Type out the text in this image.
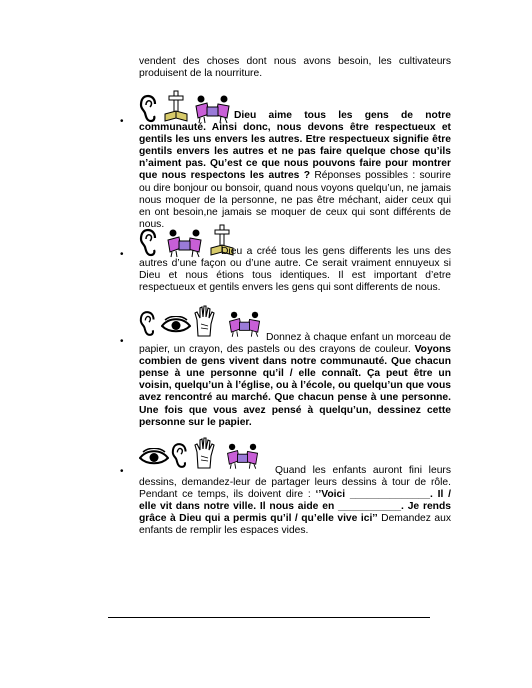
vendent des choses dont nous avons besoin, les cultivateurs produisent de la nourriture.
•
Dieu aime tous les gens de notre communauté. Ainsi donc, nous devons être respectueux et gentils les uns envers les autres. Etre respectueux signifie être gentils envers les autres et ne pas faire quelque chose qu’ils n’aiment pas. Qu’est ce que nous pouvons faire pour montrer que nous respectons les autres ? Réponses possibles : sourire ou dire bonjour ou bonsoir, quand nous voyons quelqu’un, ne jamais nous moquer de la personne, ne pas être méchant, aider ceux qui en ont besoin,ne jamais se moquer de ceux qui sont différents de nous.
•	Dieu a créé tous les gens differents les uns des autres d’une façon ou d’une autre. Ce serait vraiment ennuyeux si Dieu et nous étions tous identiques. Il est important d’etre respectueux et gentils envers les gens qui sont differents de nous.
•	Donnez à chaque enfant un morceau de papier, un crayon, des pastels ou des crayons de couleur. Voyons combien de gens vivent dans notre communauté. Que chacun pense à une personne qu’il / elle connaît. Ça peut être un voisin, quelqu’un à l’église, ou à l’école, ou quelqu’un que vous avez rencontré au marché. Que chacun pense à une personne. Une fois que vous avez pensé à quelqu’un, dessinez cette personne sur le papier.
•	Quand les enfants auront fini leurs dessins, demandez-leur de partager leurs dessins à tour de rôle. Pendant ce temps, ils doivent dire : ‘’Voici ______________. Il / elle vit dans notre ville. Il nous aide en ___________. Je rends grâce à Dieu qui a permis qu’il / qu’elle vive ici’’ Demandez aux enfants de remplir les espaces vides.
